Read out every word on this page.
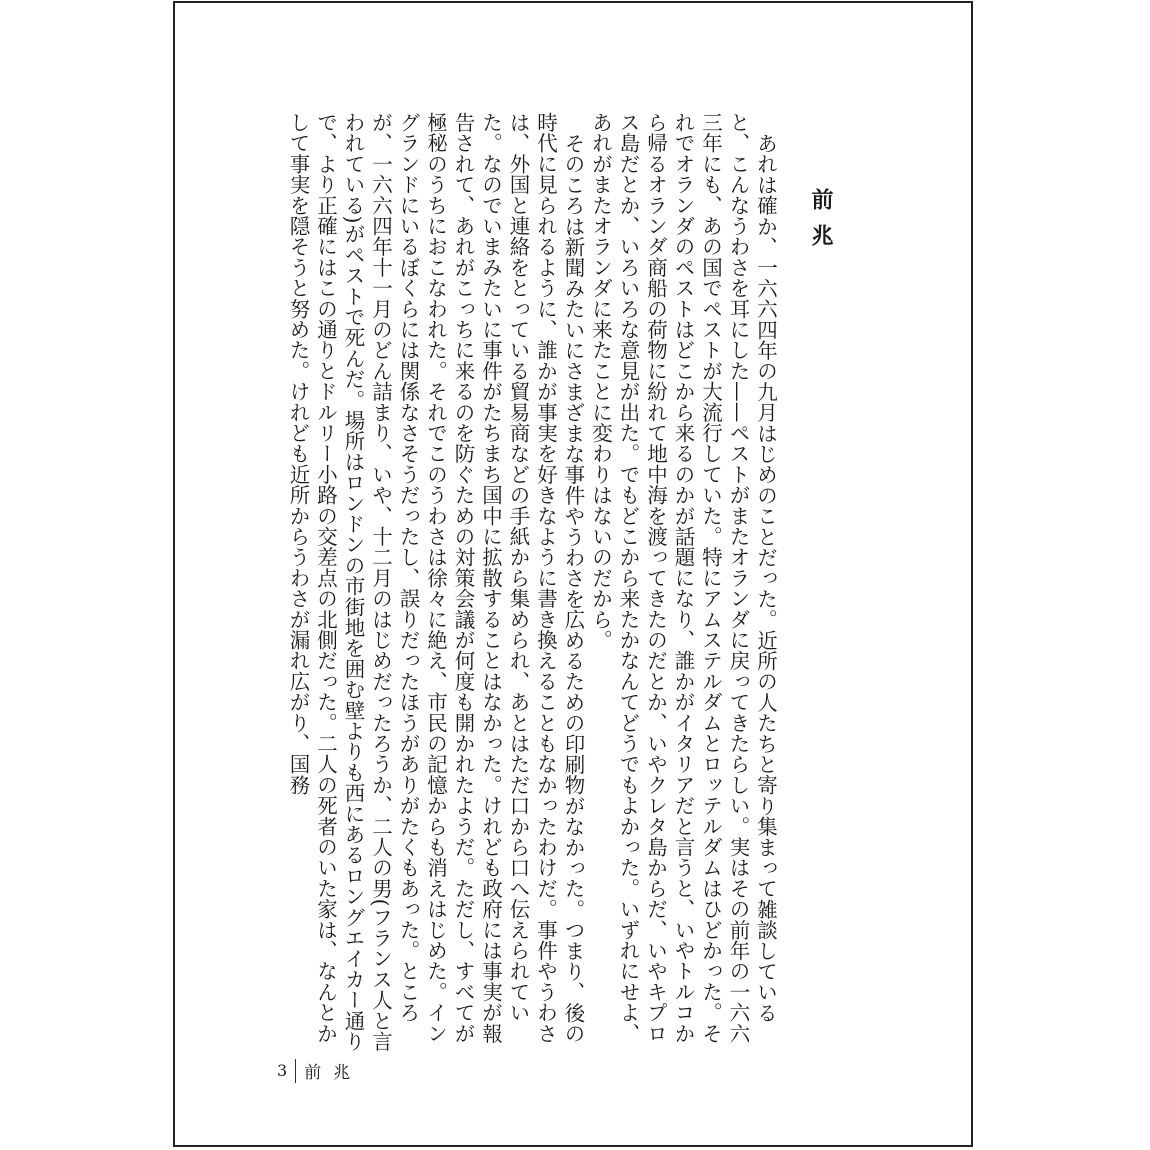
前兆

あれは確か、一六六四年の九月はじめのことだった。近所の人たちと寄り集まって雑談していると、こんなうわさを耳にした——ペストがまたオランダに戻ってきたらしい。実はその前年の一六六三年にも、あの国でペストが大流行していた。特にアムステルダムとロッテルダムはひどかった。それでオランダのペストはどこから来るのかが話題になり、誰かがイタリアだと言うと、いやトルコから帰るオランダ商船の荷物に紛れて地中海を渡ってきたのだとか、いやクレタ島からだ、いやキプロス島だとか、いろいろな意見が出た。でもどこから来たかなんてどうでもよかった。いずれにせよ、あれがまたオランダに来たことに変わりはないのだから。

そのころは新聞みたいにさまざまな事件やうわさを広めるための印刷物がなかった。つまり、後の時代に見られるように、誰かが事実を好きなように書き換えることもなかったわけだ。事件やうわさは、外国と連絡をとっている貿易商などの手紙から集められ、あとはただ口から口へ伝えられていた。なのでいまみたいに事件がたちまち国中に拡散することはなかった。けれども政府には事実が報告されて、あれがこっちに来るのを防ぐための対策会議が何度も開かれたようだ。ただし、すべてが極秘のうちにおこなわれた。それでこのうわさは徐々に絶え、市民の記憶からも消えはじめた。イングランドにいるぼくらには関係なさそうだったし、誤りだったほうがありがたくもあった。ところが、一六六四年十一月のどん詰まり、いや、十二月のはじめだったろうか、二人の男(フランス人と言われている)がペストで死んだ。場所はロンドンの市街地を囲む壁よりも西にあるロングエイカー通りで、より正確にはこの通りとドルリー小路の交差点の北側だった。二人の死者のいた家は、なんとかして事実を隠そうと努めた。けれども近所からうわさが漏れ広がり、国務

3 前兆
